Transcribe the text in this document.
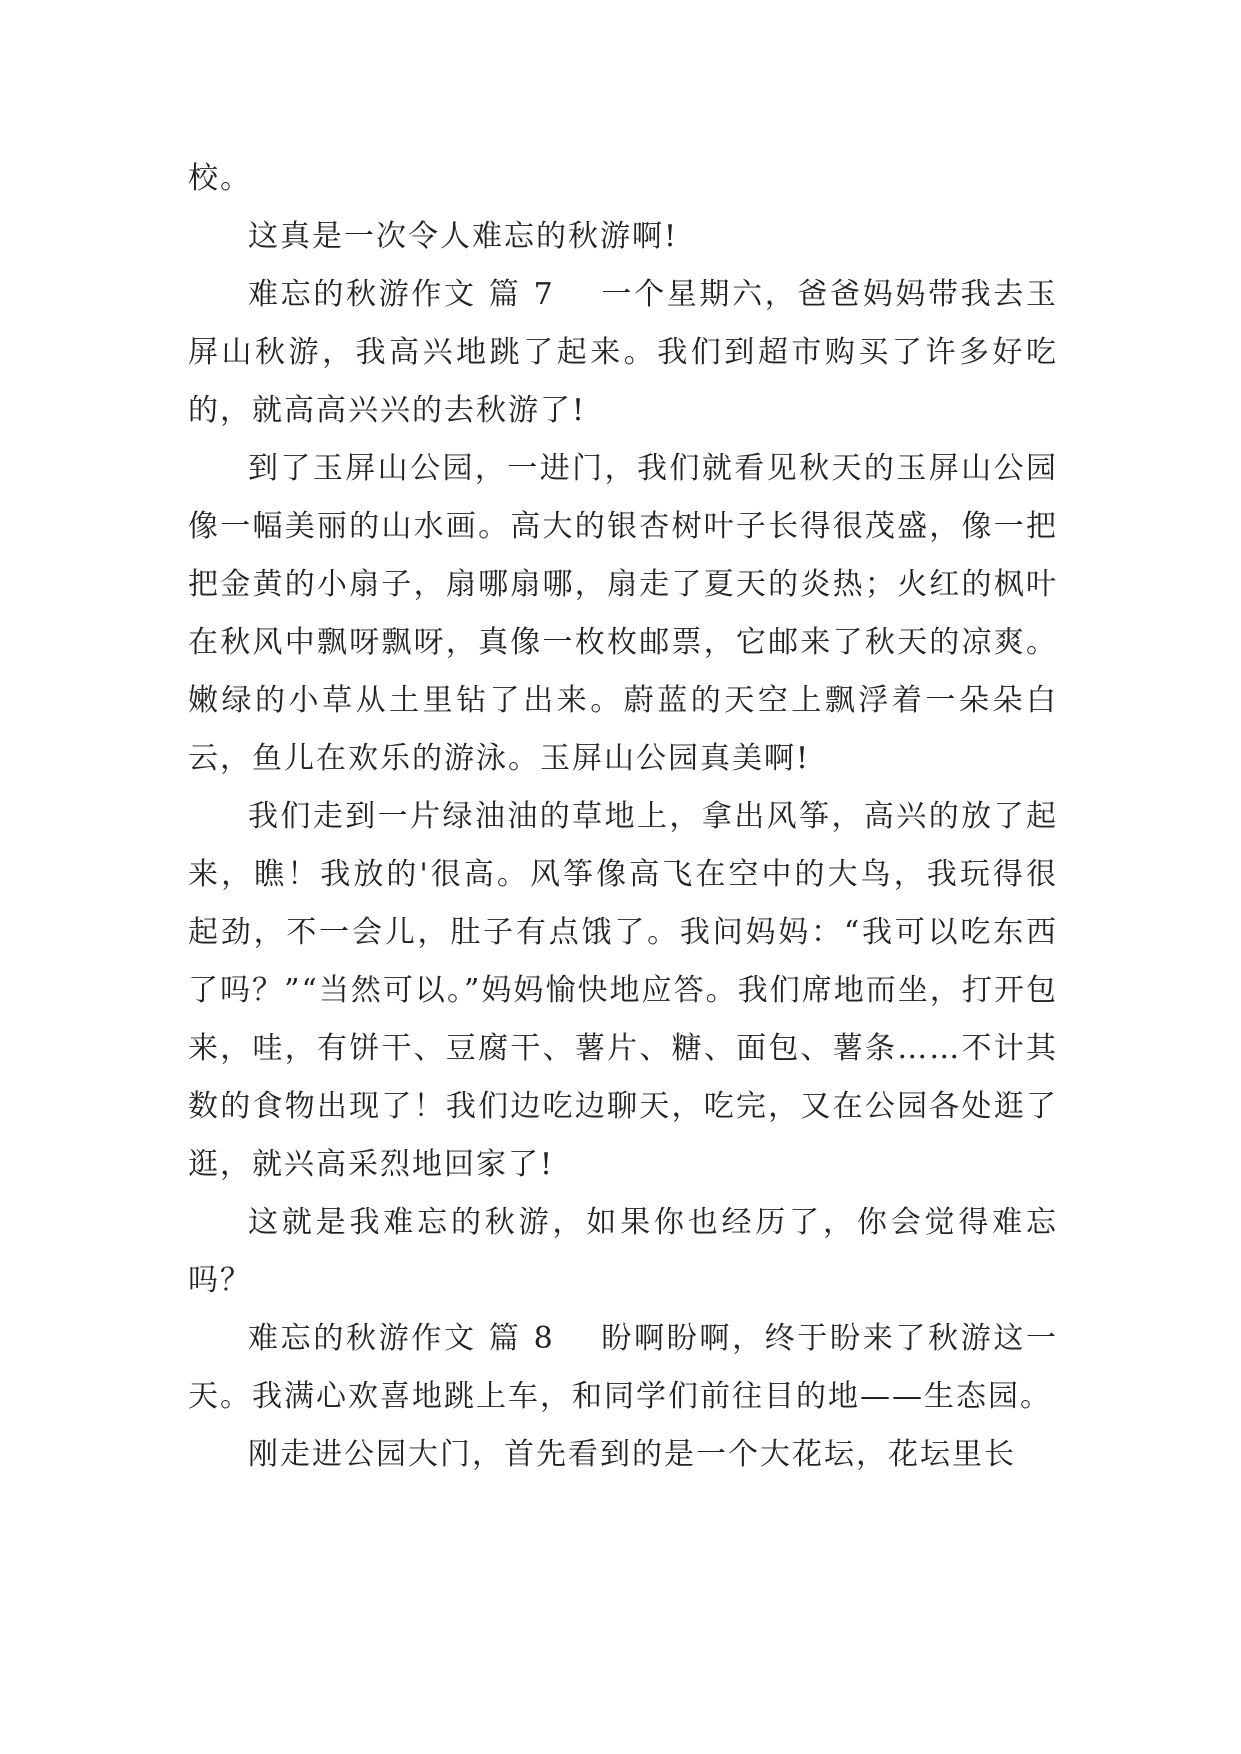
校。

这真是一次令人难忘的秋游啊!

难忘的秋游作文 篇 7 一个星期六，爸爸妈妈带我去玉屏山秋游，我高兴地跳了起来。我们到超市购买了许多好吃的，就高高兴兴的去秋游了!

到了玉屏山公园，一进门，我们就看见秋天的玉屏山公园像一幅美丽的山水画。高大的银杏树叶子长得很茂盛，像一把把金黄的小扇子，扇哪扇哪，扇走了夏天的炎热；火红的枫叶在秋风中飘呀飘呀，真像一枚枚邮票，它邮来了秋天的凉爽。嫩绿的小草从土里钻了出来。蔚蓝的天空上飘浮着一朵朵白云，鱼儿在欢乐的游泳。玉屏山公园真美啊!

我们走到一片绿油油的草地上，拿出风筝，高兴的放了起来，瞧！我放的'很高。风筝像高飞在空中的大鸟，我玩得很起劲，不一会儿，肚子有点饿了。我问妈妈：“我可以吃东西了吗？”“当然可以。”妈妈愉快地应答。我们席地而坐，打开包来，哇，有饼干、豆腐干、薯片、糖、面包、薯条……不计其数的食物出现了！我们边吃边聊天，吃完，又在公园各处逛了逛，就兴高采烈地回家了!

这就是我难忘的秋游，如果你也经历了，你会觉得难忘吗？

难忘的秋游作文 篇 8 盼啊盼啊，终于盼来了秋游这一天。我满心欢喜地跳上车，和同学们前往目的地——生态园。

刚走进公园大门，首先看到的是一个大花坛，花坛里长
